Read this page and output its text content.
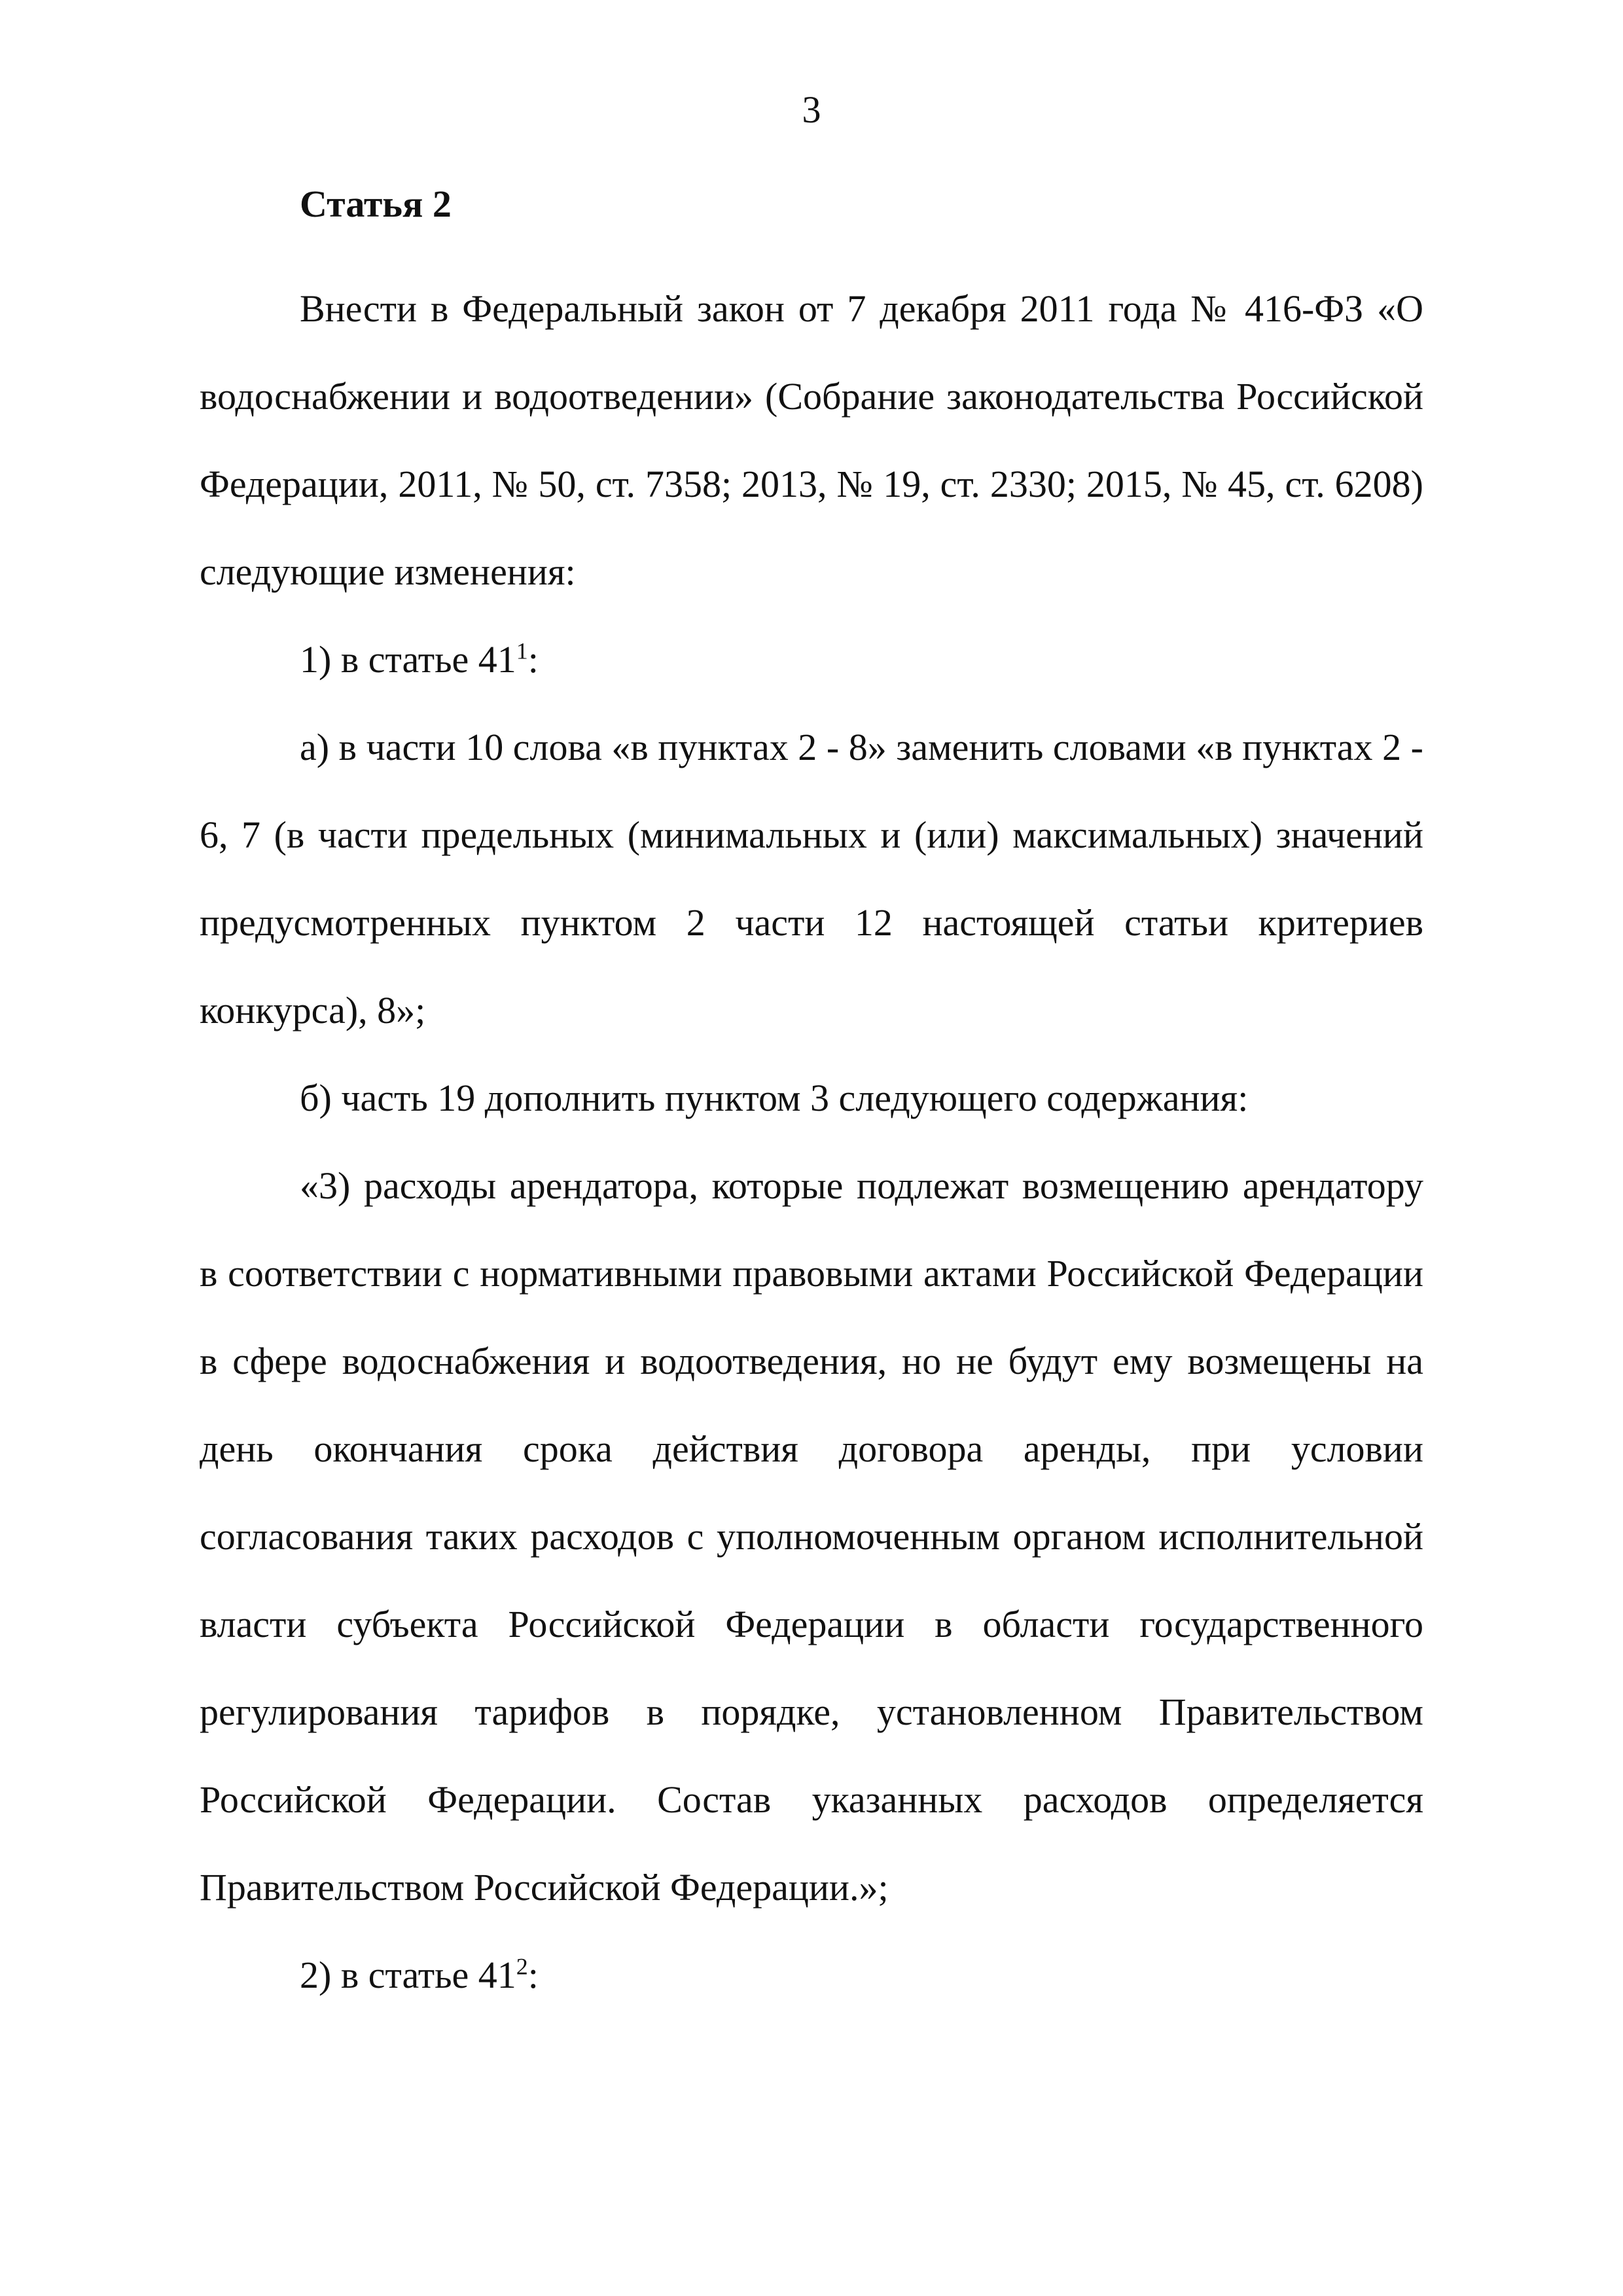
3
Статья 2

Внести в Федеральный закон от 7 декабря 2011 года № 416-ФЗ «О водоснабжении и водоотведении» (Собрание законодательства Российской Федерации, 2011, № 50, ст. 7358; 2013, № 19, ст. 2330; 2015, № 45, ст. 6208) следующие изменения:

1) в статье $41^1$:

а) в части 10 слова «в пунктах 2 - 8» заменить словами «в пунктах 2 - 6, 7 (в части предельных (минимальных и (или) максимальных) значений предусмотренных пунктом 2 части 12 настоящей статьи критериев конкурса), 8»;

б) часть 19 дополнить пунктом 3 следующего содержания:

«3) расходы арендатора, которые подлежат возмещению арендатору в соответствии с нормативными правовыми актами Российской Федерации в сфере водоснабжения и водоотведения, но не будут ему возмещены на день окончания срока действия договора аренды, при условии согласования таких расходов с уполномоченным органом исполнительной власти субъекта Российской Федерации в области государственного регулирования тарифов в порядке, установленном Правительством Российской Федерации. Состав указанных расходов определяется Правительством Российской Федерации.»;

2) в статье $41^2$:
